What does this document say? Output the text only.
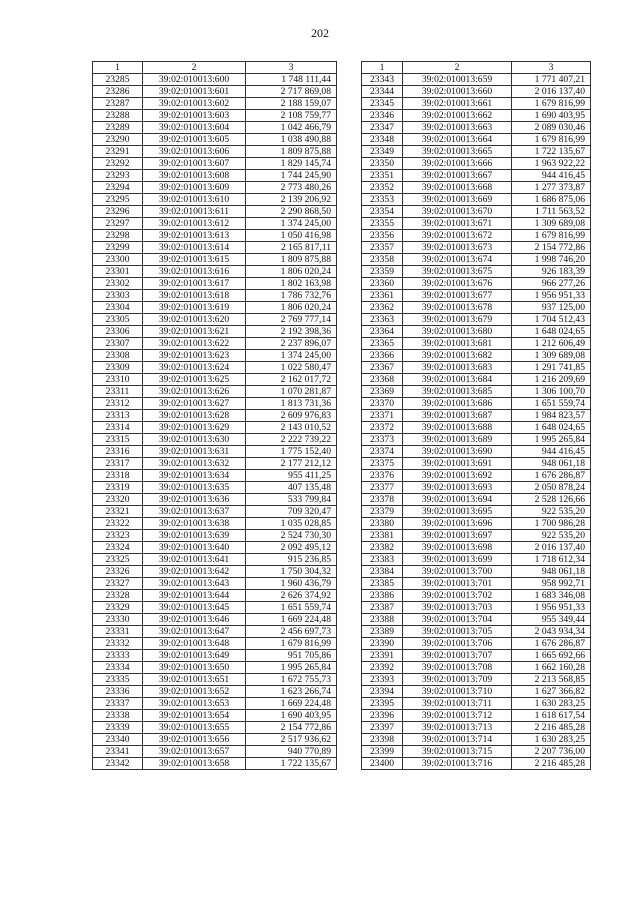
202
1	2	3
23285	39:02:010013:600	1 748 111,44
23286	39:02:010013:601	2 717 869,08
23287	39:02:010013:602	2 188 159,07
23288	39:02:010013:603	2 108 759,77
23289	39:02:010013:604	1 042 466,79
23290	39:02:010013:605	1 038 490,88
23291	39:02:010013:606	1 809 875,88
23292	39:02:010013:607	1 829 145,74
23293	39:02:010013:608	1 744 245,90
23294	39:02:010013:609	2 773 480,26
23295	39:02:010013:610	2 139 206,92
23296	39:02:010013:611	2 290 868,50
23297	39:02:010013:612	1 374 245,00
23298	39:02:010013:613	1 050 416,98
23299	39:02:010013:614	2 165 817,11
23300	39:02:010013:615	1 809 875,88
23301	39:02:010013:616	1 806 020,24
23302	39:02:010013:617	1 802 163,98
23303	39:02:010013:618	1 786 732,76
23304	39:02:010013:619	1 806 020,24
23305	39:02:010013:620	2 769 777,14
23306	39:02:010013:621	2 192 398,36
23307	39:02:010013:622	2 237 896,07
23308	39:02:010013:623	1 374 245,00
23309	39:02:010013:624	1 022 580,47
23310	39:02:010013:625	2 162 017,72
23311	39:02:010013:626	1 070 281,87
23312	39:02:010013:627	1 813 731,36
23313	39:02:010013:628	2 609 976,83
23314	39:02:010013:629	2 143 010,52
23315	39:02:010013:630	2 222 739,22
23316	39:02:010013:631	1 775 152,40
23317	39:02:010013:632	2 177 212,12
23318	39:02:010013:634	955 411,25
23319	39:02:010013:635	407 135,48
23320	39:02:010013:636	533 799,84
23321	39:02:010013:637	709 320,47
23322	39:02:010013:638	1 035 028,85
23323	39:02:010013:639	2 524 730,30
23324	39:02:010013:640	2 092 495,12
23325	39:02:010013:641	915 236,85
23326	39:02:010013:642	1 750 304,32
23327	39:02:010013:643	1 960 436,79
23328	39:02:010013:644	2 626 374,92
23329	39:02:010013:645	1 651 559,74
23330	39:02:010013:646	1 669 224,48
23331	39:02:010013:647	2 456 697,73
23332	39:02:010013:648	1 679 816,99
23333	39:02:010013:649	951 705,86
23334	39:02:010013:650	1 995 265,84
23335	39:02:010013:651	1 672 755,73
23336	39:02:010013:652	1 623 266,74
23337	39:02:010013:653	1 669 224,48
23338	39:02:010013:654	1 690 403,95
23339	39:02:010013:655	2 154 772,86
23340	39:02:010013:656	2 517 936,62
23341	39:02:010013:657	940 770,89
23342	39:02:010013:658	1 722 135,67
1	2	3
23343	39:02:010013:659	1 771 407,21
23344	39:02:010013:660	2 016 137,40
23345	39:02:010013:661	1 679 816,99
23346	39:02:010013:662	1 690 403,95
23347	39:02:010013:663	2 089 030,46
23348	39:02:010013:664	1 679 816,99
23349	39:02:010013:665	1 722 135,67
23350	39:02:010013:666	1 963 922,22
23351	39:02:010013:667	944 416,45
23352	39:02:010013:668	1 277 373,87
23353	39:02:010013:669	1 686 875,06
23354	39:02:010013:670	1 711 563,52
23355	39:02:010013:671	1 309 689,08
23356	39:02:010013:672	1 679 816,99
23357	39:02:010013:673	2 154 772,86
23358	39:02:010013:674	1 998 746,20
23359	39:02:010013:675	926 183,39
23360	39:02:010013:676	966 277,26
23361	39:02:010013:677	1 956 951,33
23362	39:02:010013:678	937 125,00
23363	39:02:010013:679	1 704 512,43
23364	39:02:010013:680	1 648 024,65
23365	39:02:010013:681	1 212 606,49
23366	39:02:010013:682	1 309 689,08
23367	39:02:010013:683	1 291 741,85
23368	39:02:010013:684	1 216 209,69
23369	39:02:010013:685	1 306 100,70
23370	39:02:010013:686	1 651 559,74
23371	39:02:010013:687	1 984 823,57
23372	39:02:010013:688	1 648 024,65
23373	39:02:010013:689	1 995 265,84
23374	39:02:010013:690	944 416,45
23375	39:02:010013:691	948 061,18
23376	39:02:010013:692	1 676 286,87
23377	39:02:010013:693	2 050 878,24
23378	39:02:010013:694	2 528 126,66
23379	39:02:010013:695	922 535,20
23380	39:02:010013:696	1 700 986,28
23381	39:02:010013:697	922 535,20
23382	39:02:010013:698	2 016 137,40
23383	39:02:010013:699	1 718 612,34
23384	39:02:010013:700	948 061,18
23385	39:02:010013:701	958 992,71
23386	39:02:010013:702	1 683 346,08
23387	39:02:010013:703	1 956 951,33
23388	39:02:010013:704	955 349,44
23389	39:02:010013:705	2 043 934,34
23390	39:02:010013:706	1 676 286,87
23391	39:02:010013:707	1 665 692,66
23392	39:02:010013:708	1 662 160,28
23393	39:02:010013:709	2 213 568,85
23394	39:02:010013:710	1 627 366,82
23395	39:02:010013:711	1 630 283,25
23396	39:02:010013:712	1 618 617,54
23397	39:02:010013:713	2 216 485,28
23398	39:02:010013:714	1 630 283,25
23399	39:02:010013:715	2 207 736,00
23400	39:02:010013:716	2 216 485,28
